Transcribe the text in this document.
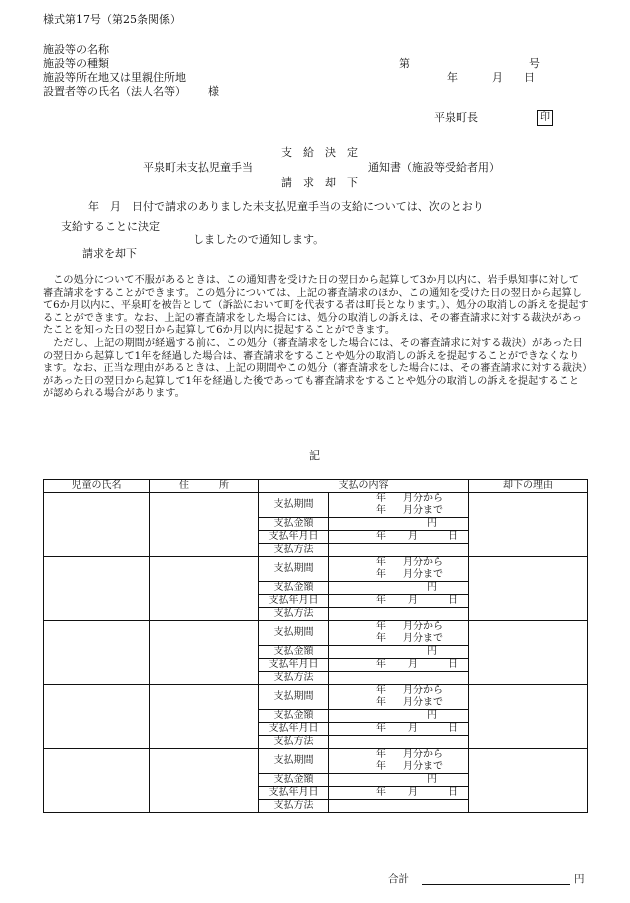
様式第17号（第25条関係）
施設等の名称
施設等の種類
施設等所在地又は里親住所地
設置者等の氏名（法人名等） 様
第	号
年	月 日
平泉町長	印
支　給　決　定
平泉町未支払児童手当	通知書（施設等受給者用）
請　求　却　下
年　月　日付で請求のありました未支払児童手当の支給については、次のとおり
支給することに決定
しましたので通知します。
請求を却下

この処分について不服があるときは、この通知書を受けた日の翌日から起算して3か月以内に、岩手県知事に対して審査請求をすることができます。この処分については、上記の審査請求のほか、この通知を受けた日の翌日から起算して6か月以内に、平泉町を被告として（訴訟において町を代表する者は町長となります。）、処分の取消しの訴えを提起することができます。なお、上記の審査請求をした場合には、処分の取消しの訴えは、その審査請求に対する裁決があったことを知った日の翌日から起算して6か月以内に提起することができます。

ただし、上記の期間が経過する前に、この処分（審査請求をした場合には、その審査請求に対する裁決）があった日の翌日から起算して1年を経過した場合は、審査請求をすることや処分の取消しの訴えを提起することができなくなります。なお、正当な理由があるときは、上記の期間やこの処分（審査請求をした場合には、その審査請求に対する裁決）があった日の翌日から起算して1年を経過した後であっても審査請求をすることや処分の取消しの訴えを提起することが認められる場合があります。

記
児童の氏名	住　　　所	支払の内容		却下の理由
		支払期間	年 月分から
年 月分まで	

		支払金額	円	
		支払年月日	年 月 日	
		支払方法		
		支払期間	年 月分から
年 月分まで	

		支払金額	円	
		支払年月日	年 月 日	
		支払方法		
		支払期間	年 月分から
年 月分まで	

		支払金額	円	
		支払年月日	年 月 日	
		支払方法		
		支払期間	年 月分から
年 月分まで	

		支払金額	円	
		支払年月日	年 月 日	
		支払方法		
		支払期間	年 月分から
年 月分まで	

		支払金額	円	
		支払年月日	年 月 日	
		支払方法		
合計	円
